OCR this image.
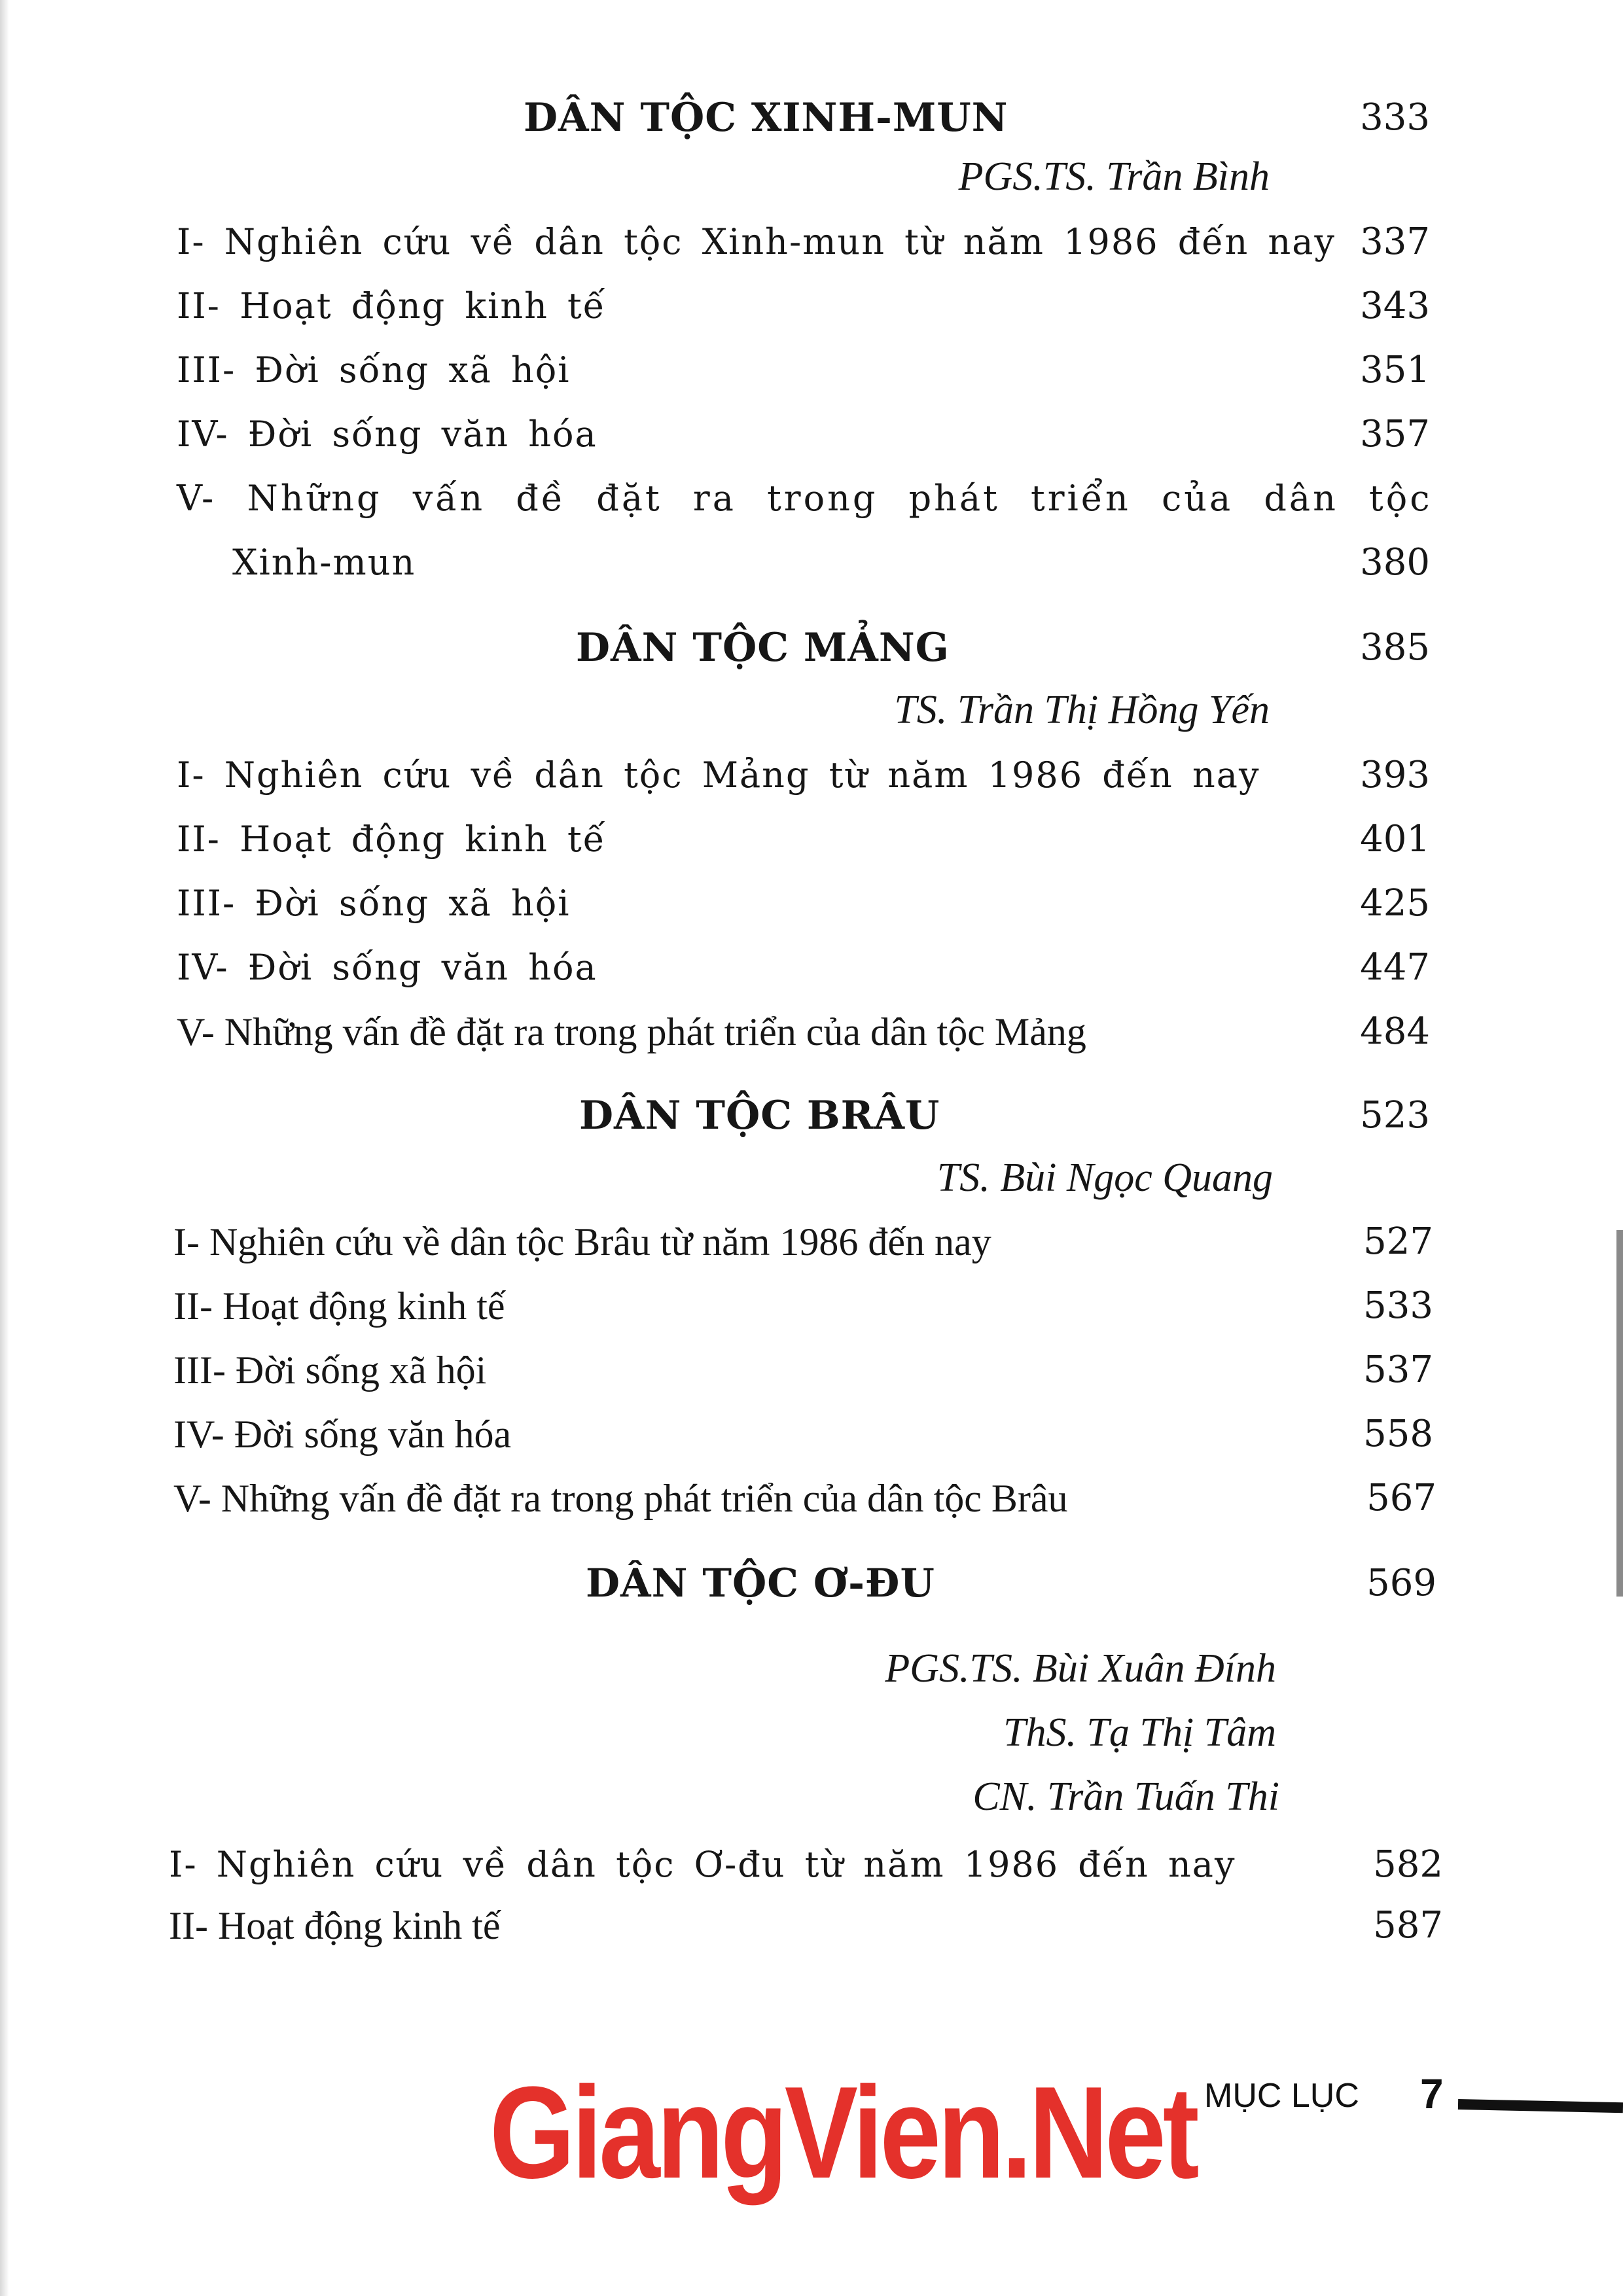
DÂN TỘC XINH-MUN	333
PGS.TS. Trần Bình
I- Nghiên cứu về dân tộc Xinh-mun từ năm 1986 đến nay 337
II- Hoạt động kinh tế	343
III- Đời sống xã hội	351
IV- Đời sống văn hóa	357
V- Những vấn đề đặt ra trong phát triển của dân tộc
Xinh-mun	380
DÂN TỘC MẢNG	385
TS. Trần Thị Hồng Yến
I- Nghiên cứu về dân tộc Mảng từ năm 1986 đến nay	393
II- Hoạt động kinh tế	401
III- Đời sống xã hội	425
IV- Đời sống văn hóa	447
V- Những vấn đề đặt ra trong phát triển của dân tộc Mảng	484
DÂN TỘC BRÂU	523
TS. Bùi Ngọc Quang
I- Nghiên cứu về dân tộc Brâu từ năm 1986 đến nay	527
II- Hoạt động kinh tế	533
III- Đời sống xã hội	537
IV- Đời sống văn hóa	558
V- Những vấn đề đặt ra trong phát triển của dân tộc Brâu	567
DÂN TỘC Ơ-ĐU	569
PGS.TS. Bùi Xuân Đính
ThS. Tạ Thị Tâm
CN. Trần Tuấn Thi
I- Nghiên cứu về dân tộc Ơ-đu từ năm 1986 đến nay	582
II- Hoạt động kinh tế	587
GiangVien.Net MỤC LỤC 7
